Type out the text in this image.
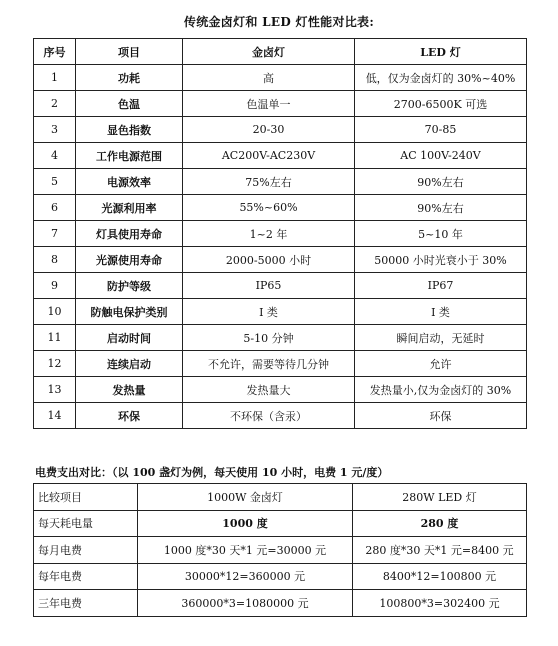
传统金卤灯和 LED 灯性能对比表:
序号	项目	金卤灯	LED 灯
1	功耗	高	低，仅为金卤灯的 30%~40%
2	色温	色温单一	2700-6500K 可选
3	显色指数	20-30	70-85
4	工作电源范围	AC200V-AC230V	AC 100V-240V
5	电源效率	75%左右	90%左右
6	光源利用率	55%~60%	90%左右
7	灯具使用寿命	1~2 年	5~10 年
8	光源使用寿命	2000-5000 小时	50000 小时光衰小于 30%
9	防护等级	IP65	IP67
10	防触电保护类别	I 类	I 类
11	启动时间	5-10 分钟	瞬间启动，无延时
12	连续启动	不允许，需要等待几分钟	允许
13	发热量	发热量大	发热量小,仅为金卤灯的 30%
14	环保	不环保（含汞）	环保
电费支出对比：（以 100 盏灯为例，每天使用 10 小时，电费 1 元/度）
比较项目	1000W 金卤灯	280W LED 灯
每天耗电量	1000 度	280 度
每月电费	1000 度*30 天*1 元=30000 元	280 度*30 天*1 元=8400 元
每年电费	30000*12=360000 元	8400*12=100800 元
三年电费	360000*3=1080000 元	100800*3=302400 元
